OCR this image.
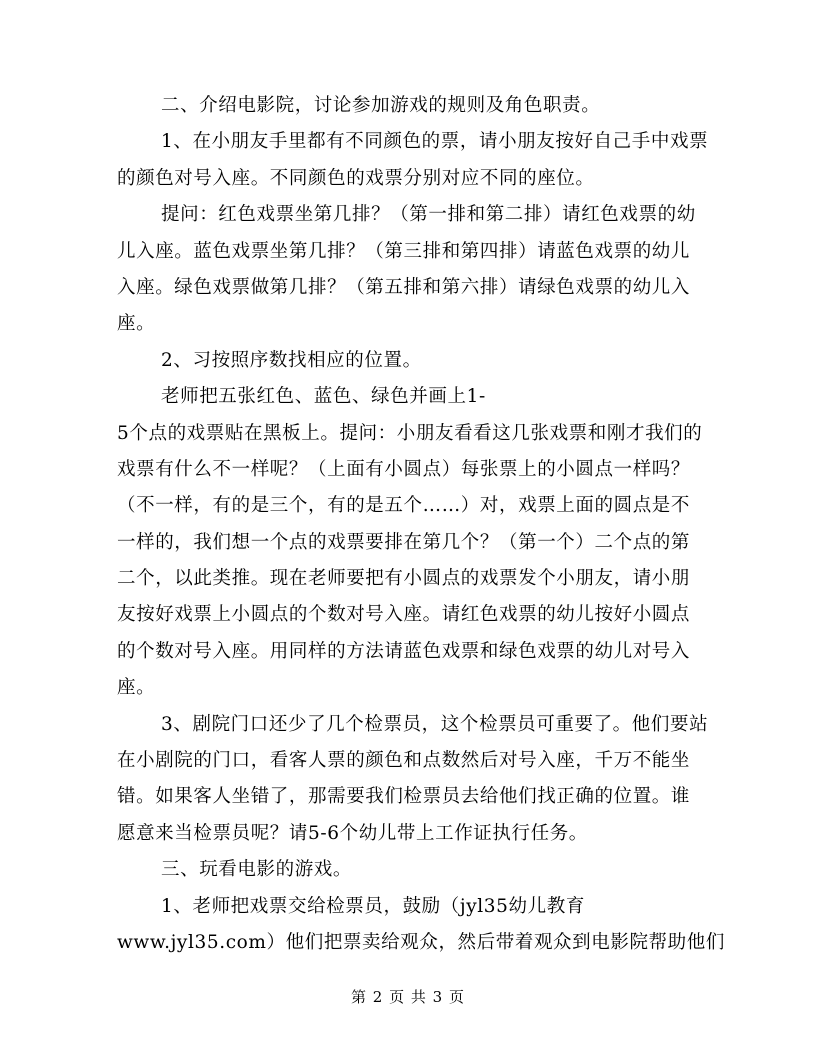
二、介绍电影院，讨论参加游戏的规则及角色职责。
1、在小朋友手里都有不同颜色的票，请小朋友按好自己手中戏票
的颜色对号入座。不同颜色的戏票分别对应不同的座位。
提问：红色戏票坐第几排？（第一排和第二排）请红色戏票的幼
儿入座。蓝色戏票坐第几排？（第三排和第四排）请蓝色戏票的幼儿
入座。绿色戏票做第几排？（第五排和第六排）请绿色戏票的幼儿入
座。
2、习按照序数找相应的位置。
老师把五张红色、蓝色、绿色并画上1-
5个点的戏票贴在黑板上。提问：小朋友看看这几张戏票和刚才我们的
戏票有什么不一样呢？（上面有小圆点）每张票上的小圆点一样吗？
（不一样，有的是三个，有的是五个……）对，戏票上面的圆点是不
一样的，我们想一个点的戏票要排在第几个？（第一个）二个点的第
二个，以此类推。现在老师要把有小圆点的戏票发个小朋友，请小朋
友按好戏票上小圆点的个数对号入座。请红色戏票的幼儿按好小圆点
的个数对号入座。用同样的方法请蓝色戏票和绿色戏票的幼儿对号入
座。
3、剧院门口还少了几个检票员，这个检票员可重要了。他们要站
在小剧院的门口，看客人票的颜色和点数然后对号入座，千万不能坐
错。如果客人坐错了，那需要我们检票员去给他们找正确的位置。谁
愿意来当检票员呢？请5-6个幼儿带上工作证执行任务。
三、玩看电影的游戏。
1、老师把戏票交给检票员，鼓励（jyl35幼儿教育
www.jyl35.com）他们把票卖给观众，然后带着观众到电影院帮助他们
第 2 页 共 3 页
